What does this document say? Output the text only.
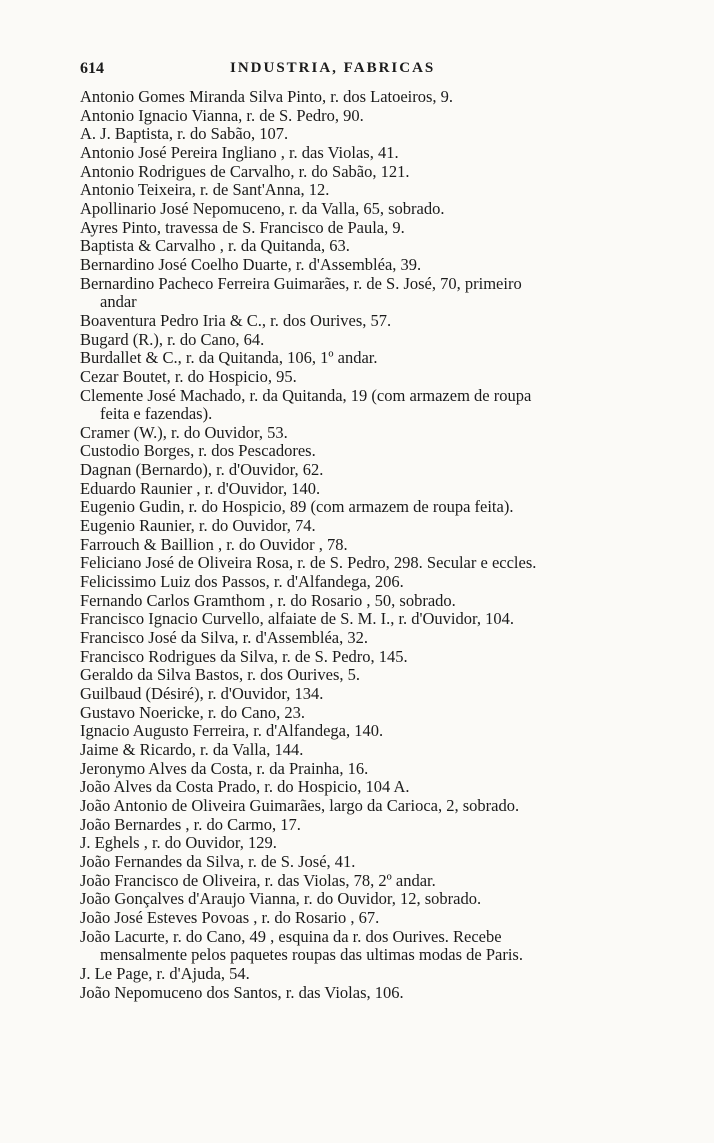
614	INDUSTRIA, FABRICAS
Antonio Gomes Miranda Silva Pinto, r. dos Latoeiros, 9.
Antonio Ignacio Vianna, r. de S. Pedro, 90.
A. J. Baptista, r. do Sabão, 107.
Antonio José Pereira Ingliano , r. das Violas, 41.
Antonio Rodrigues de Carvalho, r. do Sabão, 121.
Antonio Teixeira, r. de Sant'Anna, 12.
Apollinario José Nepomuceno, r. da Valla, 65, sobrado.
Ayres Pinto, travessa de S. Francisco de Paula, 9.
Baptista & Carvalho , r. da Quitanda, 63.
Bernardino José Coelho Duarte, r. d'Assembléa, 39.
Bernardino Pacheco Ferreira Guimarães, r. de S. José, 70, primeiro
andar
Boaventura Pedro Iria & C., r. dos Ourives, 57.
Bugard (R.), r. do Cano, 64.
Burdallet & C., r. da Quitanda, 106, 1º andar.
Cezar Boutet, r. do Hospicio, 95.
Clemente José Machado, r. da Quitanda, 19 (com armazem de roupa
feita e fazendas).
Cramer (W.), r. do Ouvidor, 53.
Custodio Borges, r. dos Pescadores.
Dagnan (Bernardo), r. d'Ouvidor, 62.
Eduardo Raunier , r. d'Ouvidor, 140.
Eugenio Gudin, r. do Hospicio, 89 (com armazem de roupa feita).
Eugenio Raunier, r. do Ouvidor, 74.
Farrouch & Baillion , r. do Ouvidor , 78.
Feliciano José de Oliveira Rosa, r. de S. Pedro, 298. Secular e eccles.
Felicissimo Luiz dos Passos, r. d'Alfandega, 206.
Fernando Carlos Gramthom , r. do Rosario , 50, sobrado.
Francisco Ignacio Curvello, alfaiate de S. M. I., r. d'Ouvidor, 104.
Francisco José da Silva, r. d'Assembléa, 32.
Francisco Rodrigues da Silva, r. de S. Pedro, 145.
Geraldo da Silva Bastos, r. dos Ourives, 5.
Guilbaud (Désiré), r. d'Ouvidor, 134.
Gustavo Noericke, r. do Cano, 23.
Ignacio Augusto Ferreira, r. d'Alfandega, 140.
Jaime & Ricardo, r. da Valla, 144.
Jeronymo Alves da Costa, r. da Prainha, 16.
João Alves da Costa Prado, r. do Hospicio, 104 A.
João Antonio de Oliveira Guimarães, largo da Carioca, 2, sobrado.
João Bernardes , r. do Carmo, 17.
J. Eghels , r. do Ouvidor, 129.
João Fernandes da Silva, r. de S. José, 41.
João Francisco de Oliveira, r. das Violas, 78, 2º andar.
João Gonçalves d'Araujo Vianna, r. do Ouvidor, 12, sobrado.
João José Esteves Povoas , r. do Rosario , 67.
João Lacurte, r. do Cano, 49 , esquina da r. dos Ourives. Recebe
mensalmente pelos paquetes roupas das ultimas modas de Paris.
J. Le Page, r. d'Ajuda, 54.
João Nepomuceno dos Santos, r. das Violas, 106.
